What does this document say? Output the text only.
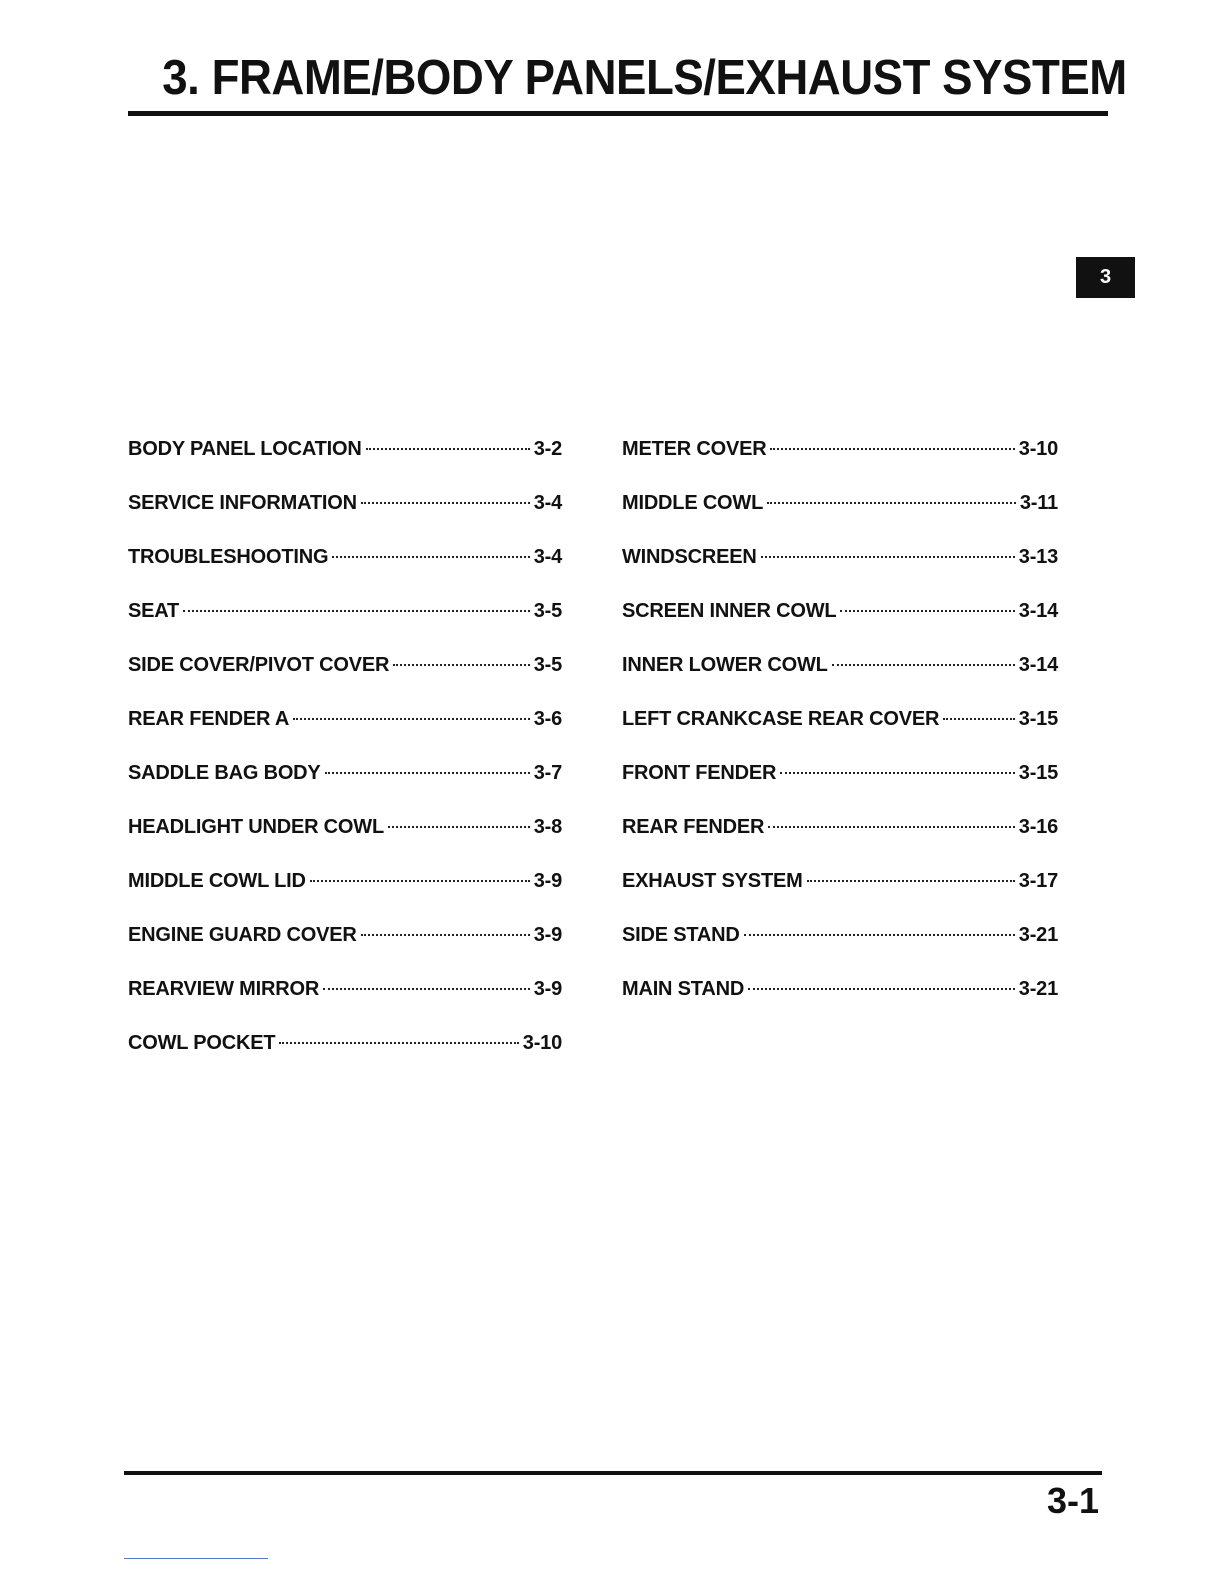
3. FRAME/BODY PANELS/EXHAUST SYSTEM
3
BODY PANEL LOCATION	3-2
SERVICE INFORMATION	3-4
TROUBLESHOOTING	3-4
SEAT	3-5
SIDE COVER/PIVOT COVER	3-5
REAR FENDER A	3-6
SADDLE BAG BODY	3-7
HEADLIGHT UNDER COWL	3-8
MIDDLE COWL LID	3-9
ENGINE GUARD COVER	3-9
REARVIEW MIRROR	3-9
COWL POCKET	3-10
METER COVER	3-10
MIDDLE COWL	3-11
WINDSCREEN	3-13
SCREEN INNER COWL	3-14
INNER LOWER COWL	3-14
LEFT CRANKCASE REAR COVER	3-15
FRONT FENDER	3-15
REAR FENDER	3-16
EXHAUST SYSTEM	3-17
SIDE STAND	3-21
MAIN STAND	3-21
3-1
